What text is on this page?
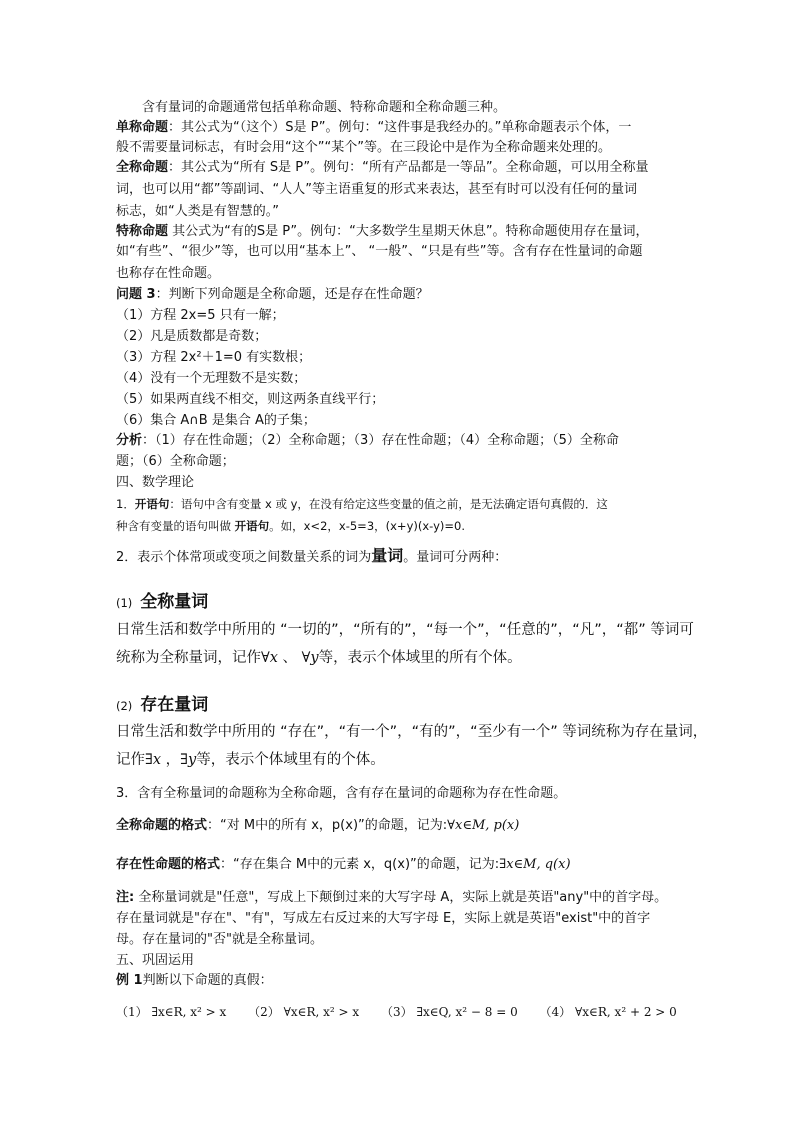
含有量词的命题通常包括单称命题、特称命题和全称命题三种。
单称命题：其公式为“（这个）S是 P”。例句：“这件事是我经办的。”单称命题表示个体，一
般不需要量词标志，有时会用“这个”“某个”等。在三段论中是作为全称命题来处理的。
全称命题：其公式为“所有 S是 P”。例句：“所有产品都是一等品”。全称命题，可以用全称量
词，也可以用“都”等副词、“人人”等主语重复的形式来表达，甚至有时可以没有任何的量词
标志，如“人类是有智慧的。”
特称命题 其公式为“有的S是 P”。例句：“大多数学生星期天休息”。特称命题使用存在量词，
如“有些”、“很少”等，也可以用“基本上”、 “一般”、“只是有些”等。含有存在性量词的命题
也称存在性命题。
问题 3：判断下列命题是全称命题，还是存在性命题？
（1）方程 2x=5 只有一解；
（2）凡是质数都是奇数；
（3）方程 2x²＋1=0 有实数根；
（4）没有一个无理数不是实数；
（5）如果两直线不相交，则这两条直线平行；
（6）集合 A∩B 是集合 A的子集；
分析：（1）存在性命题；（2）全称命题；（3）存在性命题；（4）全称命题；（5）全称命
题；（6）全称命题；
四、数学理论
1．开语句：语句中含有变量 x 或 y，在没有给定这些变量的值之前，是无法确定语句真假的．这
种含有变量的语句叫做 开语句。如，x<2，x-5=3，(x+y)(x-y)=0.
2．表示个体常项或变项之间数量关系的词为量词。量词可分两种：
(1) 全称量词
日常生活和数学中所用的 “一切的”，“所有的”，“每一个”，“任意的”，“凡”，“都” 等词可
统称为全称量词，记作∀x 、 ∀y等，表示个体域里的所有个体。
(2) 存在量词
日常生活和数学中所用的 “存在”，“有一个”，“有的”，“至少有一个” 等词统称为存在量词，
记作∃x ，∃y等，表示个体域里有的个体。
3．含有全称量词的命题称为全称命题，含有存在量词的命题称为存在性命题。
全称命题的格式：“对 M中的所有 x，p(x)”的命题，记为:∀x∈M, p(x)
存在性命题的格式：“存在集合 M中的元素 x，q(x)”的命题，记为:∃x∈M, q(x)
注: 全称量词就是"任意"，写成上下颠倒过来的大写字母 A，实际上就是英语"any"中的首字母。
存在量词就是"存在"、"有"，写成左右反过来的大写字母 E，实际上就是英语"exist"中的首字
母。存在量词的"否"就是全称量词。
五、巩固运用
例 1判断以下命题的真假：
（1） ∃x∈R, x² > x （2） ∀x∈R, x² > x （3） ∃x∈Q, x² − 8 = 0 （4） ∀x∈R, x² + 2 > 0
